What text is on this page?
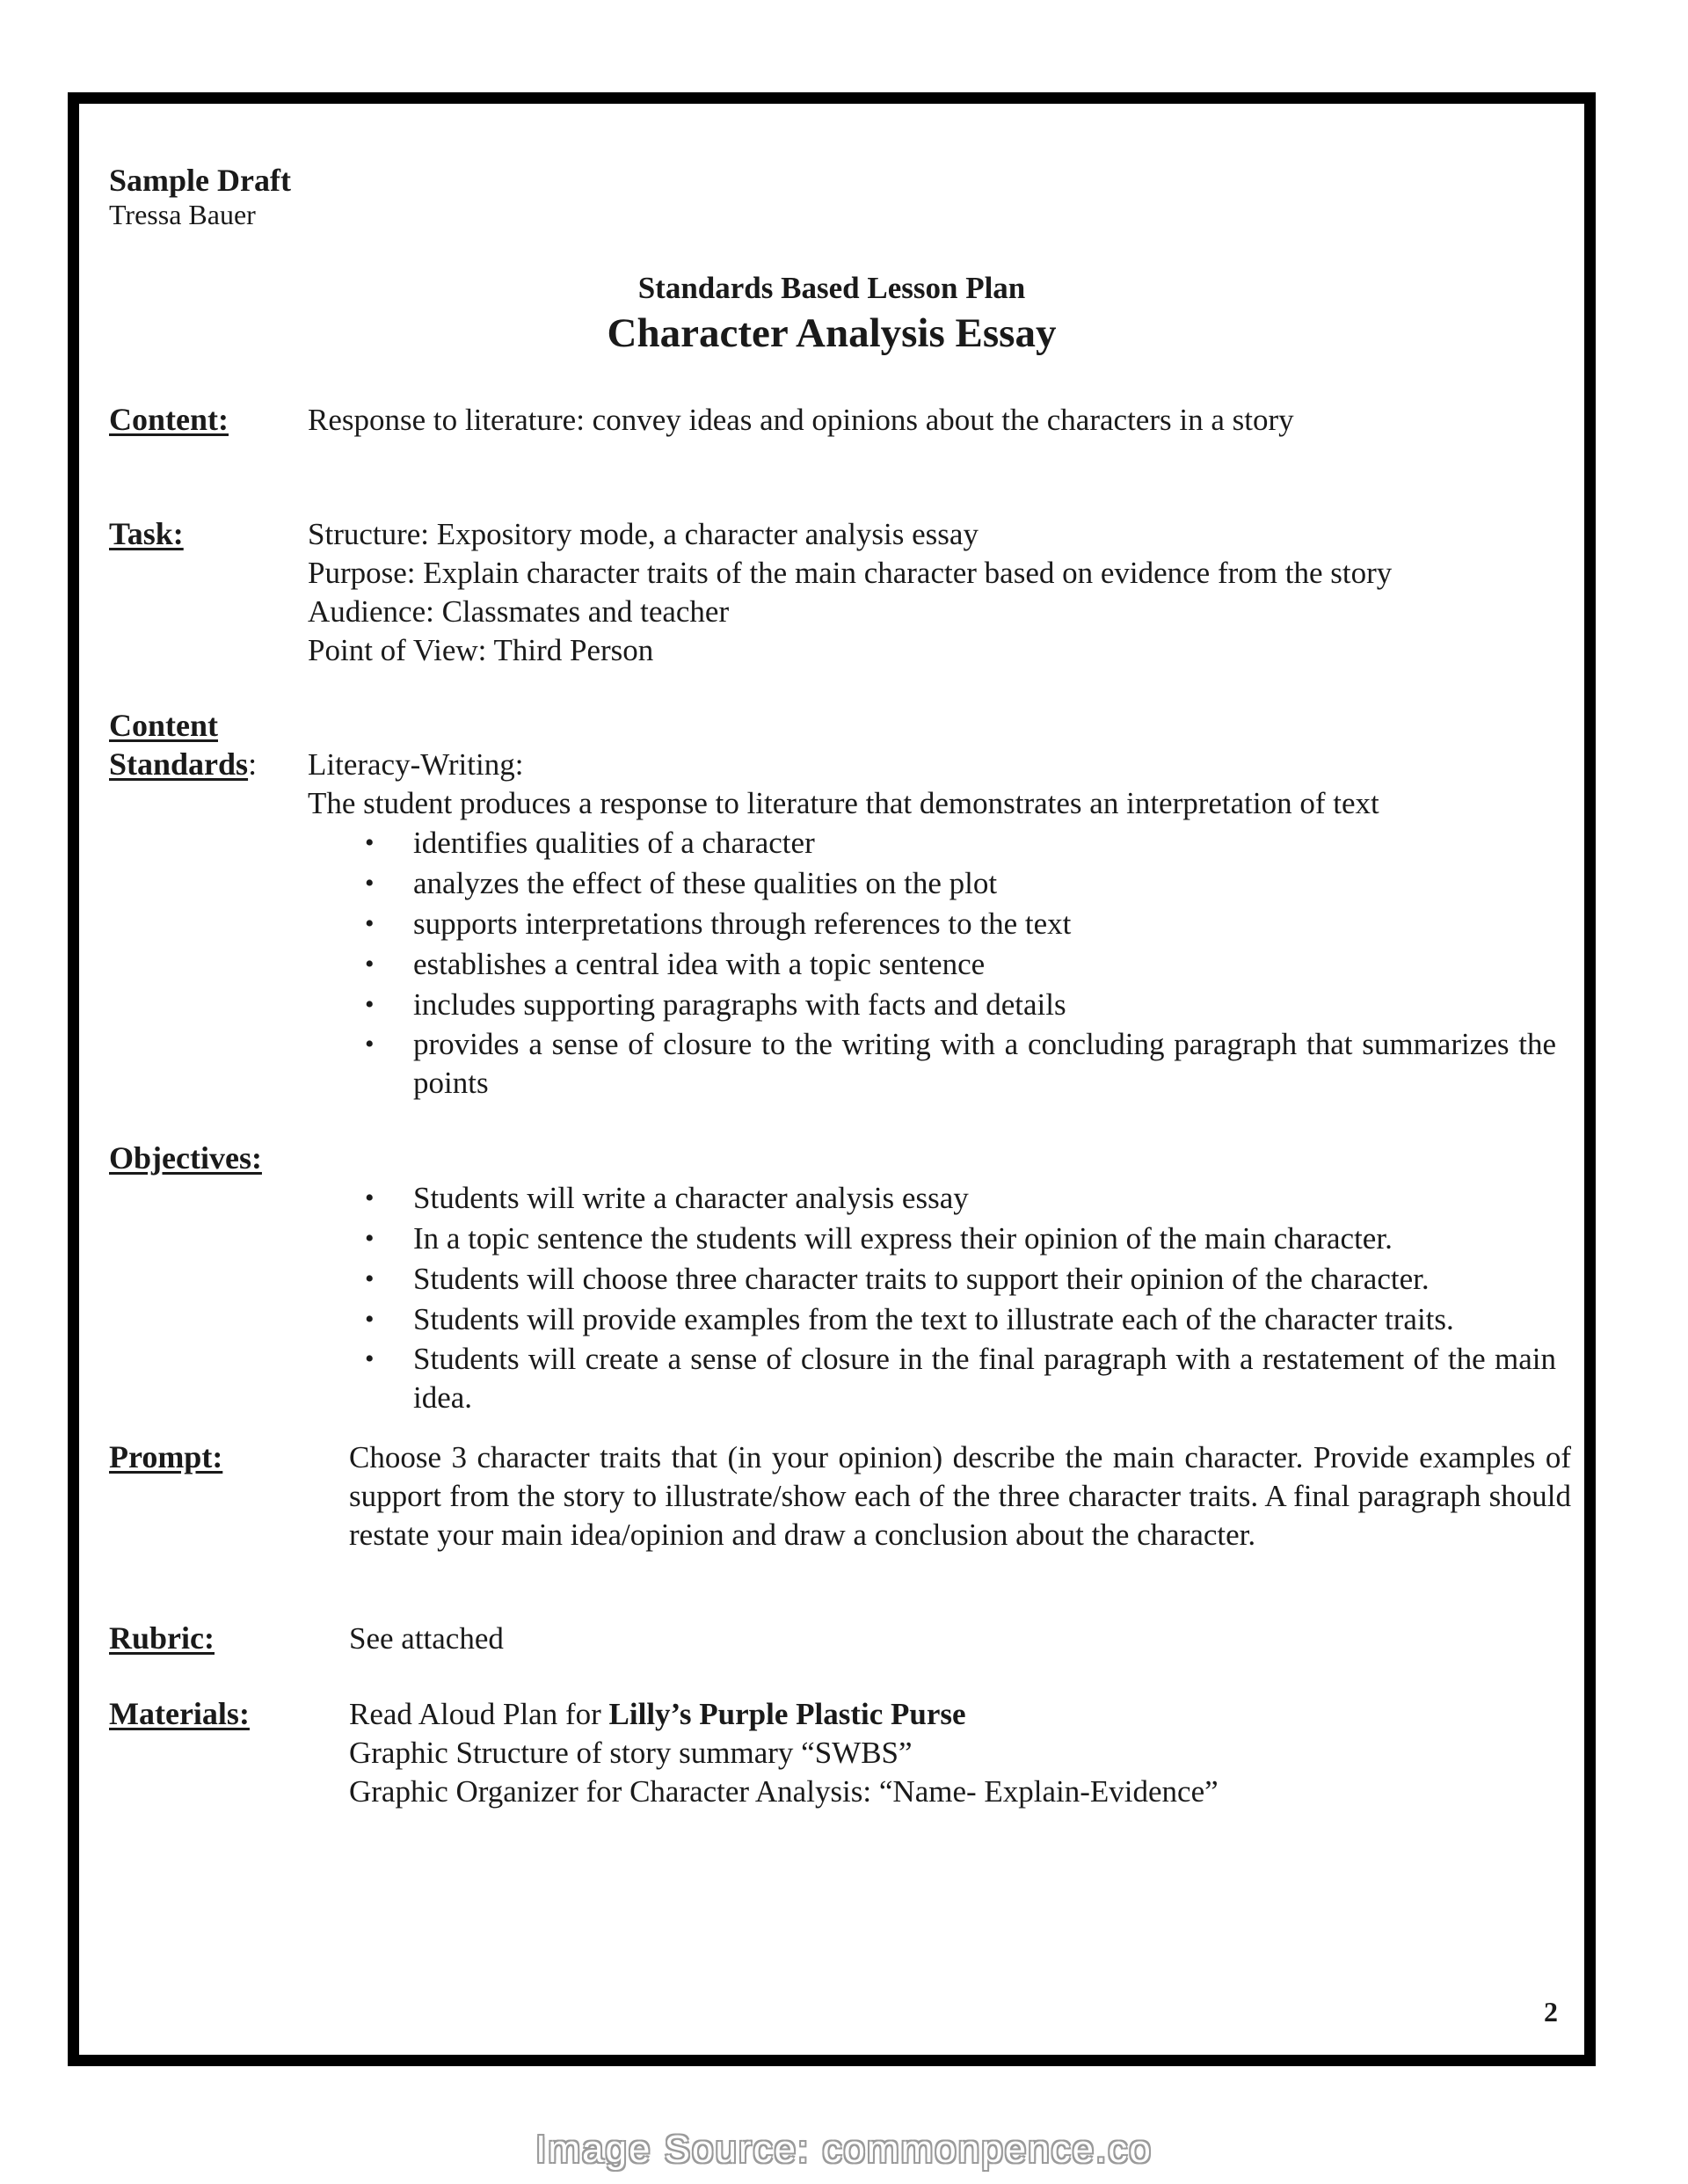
Sample Draft
Tressa Bauer
Standards Based Lesson Plan
Character Analysis Essay
Content:	Response to literature: convey ideas and opinions about the characters in a story
Task:	Structure: Expository mode, a character analysis essay
Purpose: Explain character traits of the main character based on evidence from the story
Audience: Classmates and teacher
Point of View: Third Person
Content
Standards: Literacy-Writing:
The student produces a response to literature that demonstrates an interpretation of text
• identifies qualities of a character
• analyzes the effect of these qualities on the plot
• supports interpretations through references to the text
• establishes a central idea with a topic sentence
• includes supporting paragraphs with facts and details
• provides a sense of closure to the writing with a concluding paragraph that summarizes the points
Objectives:
• Students will write a character analysis essay
• In a topic sentence the students will express their opinion of the main character.
• Students will choose three character traits to support their opinion of the character.
• Students will provide examples from the text to illustrate each of the character traits.
• Students will create a sense of closure in the final paragraph with a restatement of the main idea.
Prompt:	Choose 3 character traits that (in your opinion) describe the main character. Provide examples of support from the story to illustrate/show each of the three character traits. A final paragraph should restate your main idea/opinion and draw a conclusion about the character.
Rubric:	See attached
Materials:	Read Aloud Plan for Lilly’s Purple Plastic Purse
Graphic Structure of story summary “SWBS”
Graphic Organizer for Character Analysis: “Name- Explain-Evidence”
2
Image Source: commonpence.co
